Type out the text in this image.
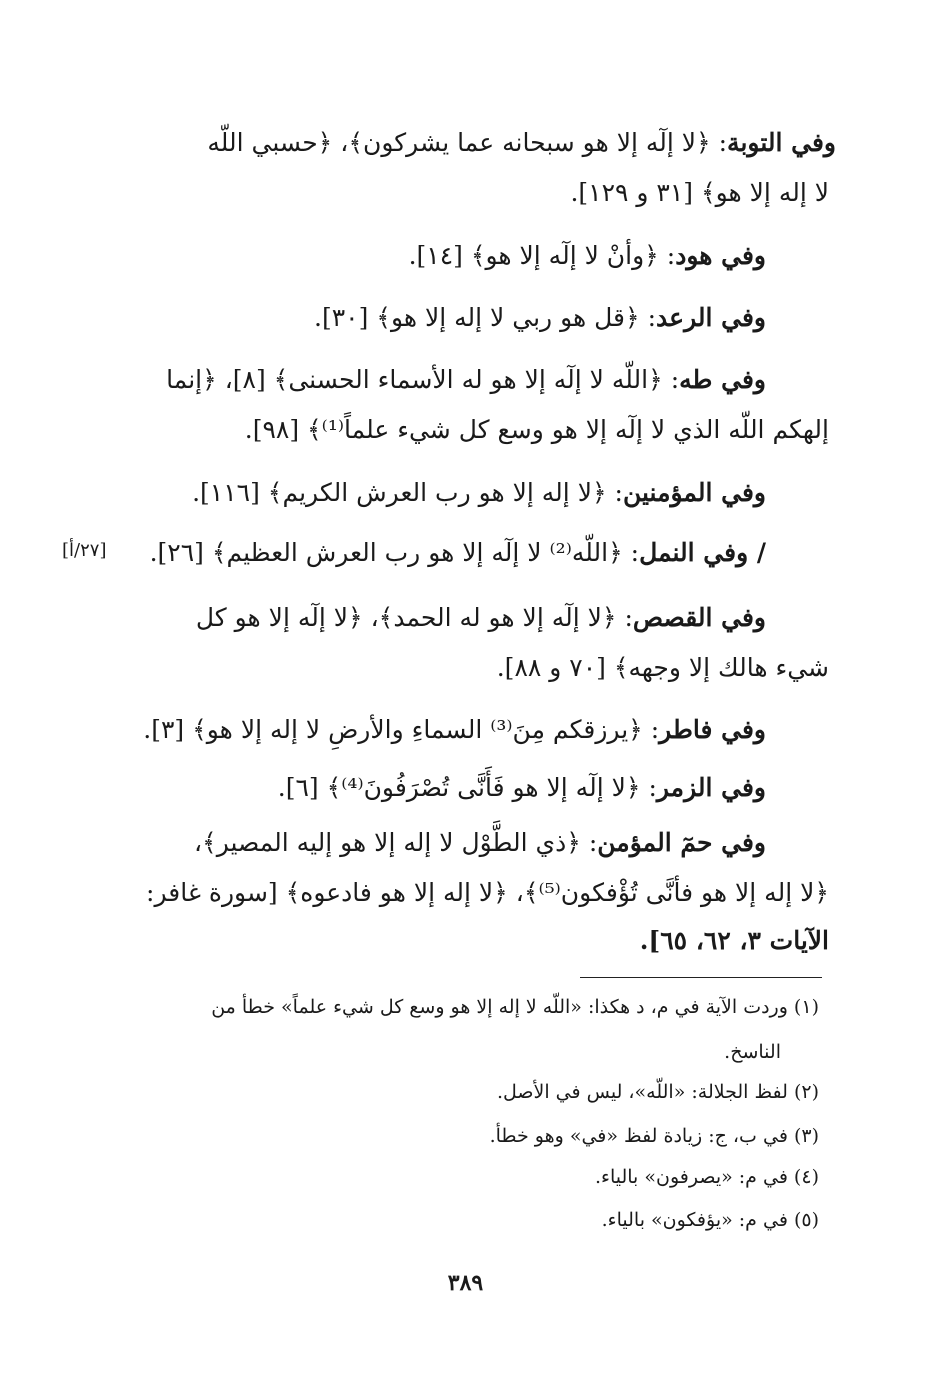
وفي التوبة: ﴿لا إلٓه إلا هو سبحانه عما يشركون﴾، ﴿حسبي اللّه
لا إله إلا هو﴾ [٣١ و ١٢٩].
وفي هود: ﴿وأنْ لا إلٓه إلا هو﴾ [١٤].
وفي الرعد: ﴿قل هو ربي لا إله إلا هو﴾ [٣٠].
وفي طه: ﴿اللّه لا إلٓه إلا هو له الأسماء الحسنى﴾ [٨]، ﴿إنما
إلهكم اللّه الذي لا إلٓه إلا هو وسع كل شيء علماً⁽¹⁾﴾ [٩٨].
وفي المؤمنين: ﴿لا إله إلا هو رب العرش الكريم﴾ [١١٦].
/ وفي النمل: ﴿اللّه⁽²⁾ لا إلٓه إلا هو رب العرش العظيم﴾ [٢٦].
[٢٧/أ]
وفي القصص: ﴿لا إلٓه إلا هو له الحمد﴾، ﴿لا إلٓه إلا هو كل
شيء هالك إلا وجهه﴾ [٧٠ و ٨٨].
وفي فاطر: ﴿يرزقكم مِنَ⁽³⁾ السماءِ والأرضِ لا إله إلا هو﴾ [٣].
وفي الزمر: ﴿لا إلٓه إلا هو فَأَنَّى تُصْرَفُونَ⁽⁴⁾﴾ [٦].
وفي حمٓ المؤمن: ﴿ذي الطَّوْل لا إله إلا هو إليه المصير﴾،
﴿لا إله إلا هو فأنَّى تُؤْفكون⁽⁵⁾﴾، ﴿لا إله إلا هو فادعوه﴾ [سورة غافر:
الآيات ٣، ٦٢، ٦٥].
(١) وردت الآية في م، د هكذا: «اللّه لا إله إلا هو وسع كل شيء علماً» خطأ من
الناسخ.
(٢) لفظ الجلالة: «اللّه»، ليس في الأصل.
(٣) في ب، ج: زيادة لفظ «في» وهو خطأ.
(٤) في م: «يصرفون» بالياء.
(٥) في م: «يؤفكون» بالياء.
٣٨٩
